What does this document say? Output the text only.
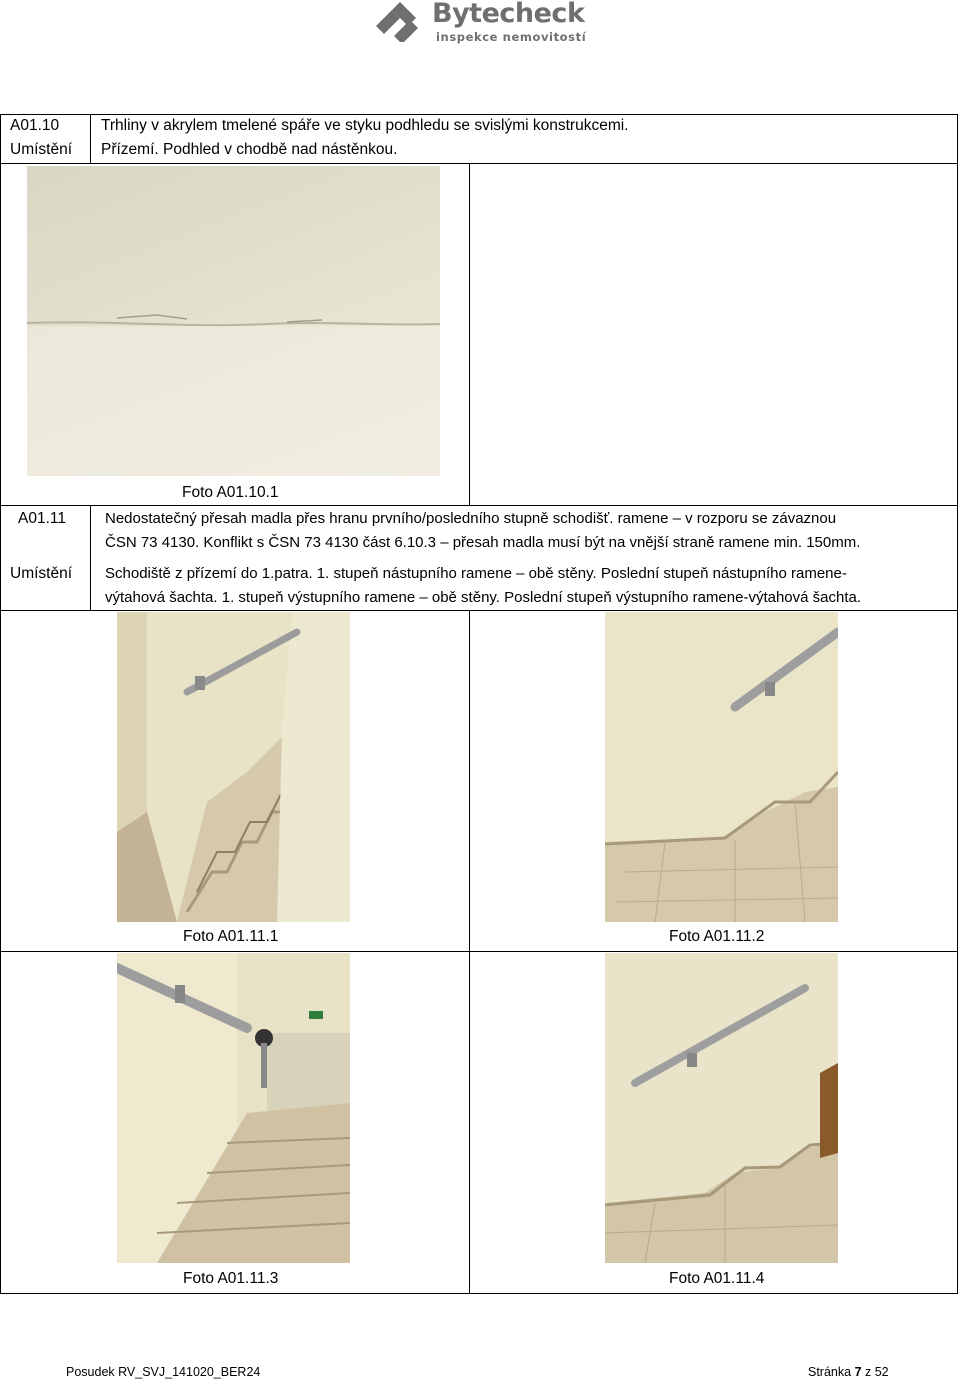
Bytecheck
inspekce nemovitostí
A01.10	Trhliny v akrylem tmelené spáře ve styku podhledu se svislými konstrukcemi.
Umístění Přízemí. Podhled v chodbě nad nástěnkou.
Foto A01.10.1
A01.11	Nedostatečný přesah madla přes hranu prvního/posledního stupně schodišť. ramene – v rozporu se závaznou
ČSN 73 4130. Konflikt s ČSN 73 4130 část 6.10.3 – přesah madla musí být na vnější straně ramene min. 150mm.
Umístění Schodiště z přízemí do 1.patra. 1. stupeň nástupního ramene – obě stěny. Poslední stupeň nástupního ramene-
výtahová šachta. 1. stupeň výstupního ramene – obě stěny. Poslední stupeň výstupního ramene-výtahová šachta.
Foto A01.11.1	Foto A01.11.2
Foto A01.11.3	Foto A01.11.4
Posudek RV_SVJ_141020_BER24	Stránka 7 z 52
